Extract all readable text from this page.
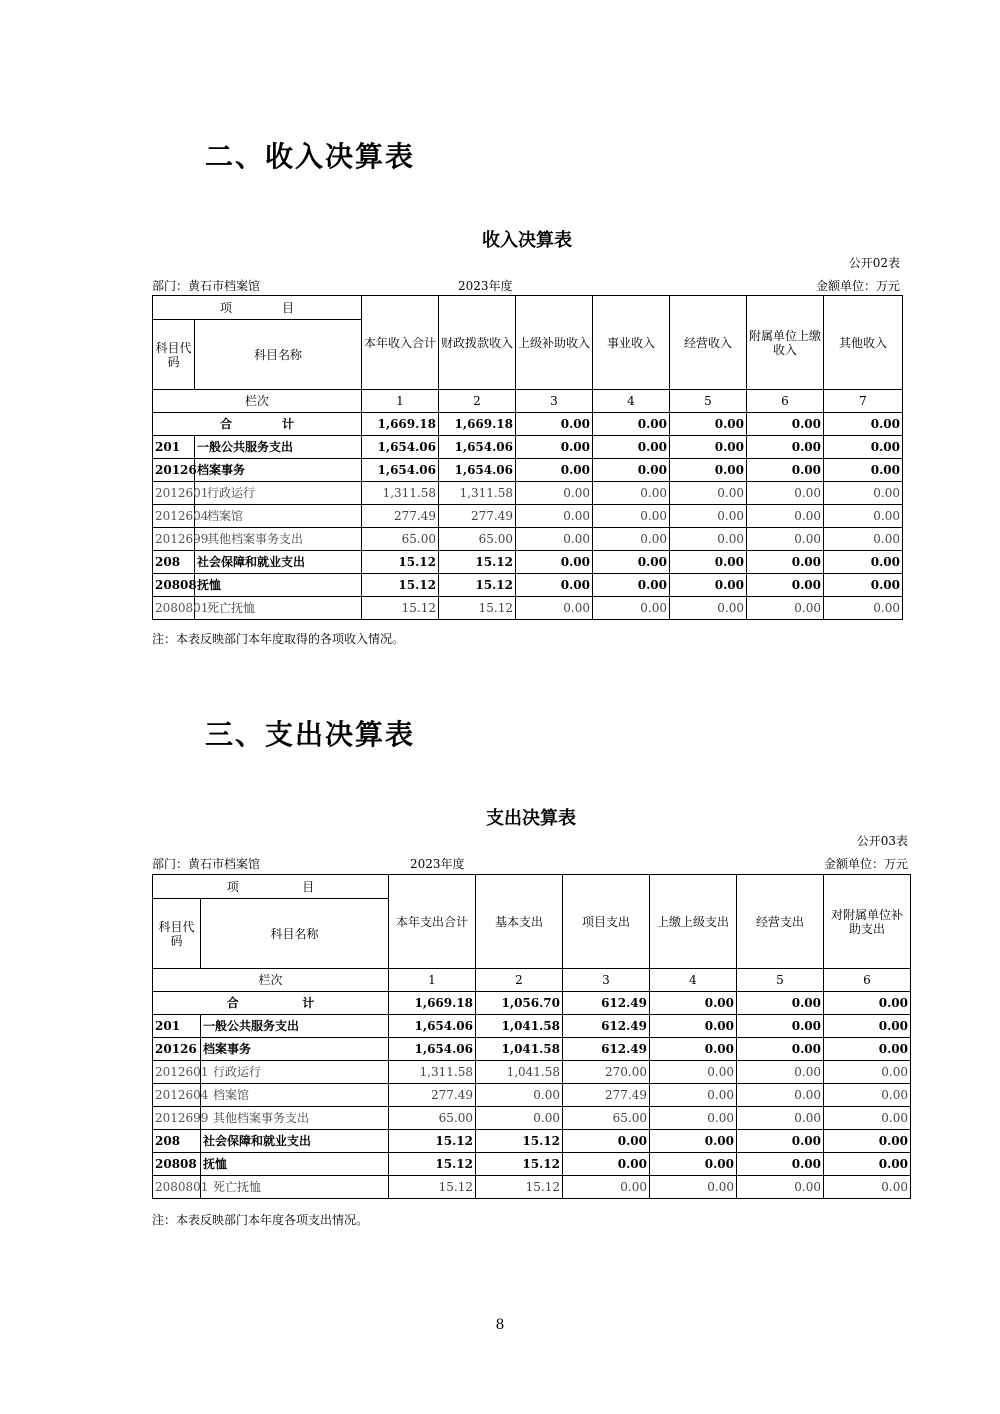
二、收入决算表
收入决算表
公开02表
部门：黄石市档案馆	2023年度	金额单位：万元
项 目		本年收入合计	财政拨款收入	上级补助收入	事业收入	经营收入	附属单位上缴收入	其他收入
科目代码	科目名称							
栏次		1	2	3	4	5	6	7

合 计		1,669.18	1,669.18	0.00	0.00	0.00	0.00	0.00
201	一般公共服务支出	1,654.06	1,654.06	0.00	0.00	0.00	0.00	0.00
20126	档案事务	1,654.06	1,654.06	0.00	0.00	0.00	0.00	0.00
2012601	行政运行	1,311.58	1,311.58	0.00	0.00	0.00	0.00	0.00
2012604	档案馆	277.49	277.49	0.00	0.00	0.00	0.00	0.00
2012699	其他档案事务支出	65.00	65.00	0.00	0.00	0.00	0.00	0.00
208	社会保障和就业支出	15.12	15.12	0.00	0.00	0.00	0.00	0.00
20808	抚恤	15.12	15.12	0.00	0.00	0.00	0.00	0.00
2080801	死亡抚恤	15.12	15.12	0.00	0.00	0.00	0.00	0.00
注：本表反映部门本年度取得的各项收入情况。
三、支出决算表
支出决算表
公开03表
部门：黄石市档案馆	2023年度	金额单位：万元
项 目		本年支出合计	基本支出	项目支出	上缴上级支出	经营支出	对附属单位补助支出
科目代码	科目名称						
栏次		1	2	3	4	5	6

合 计		1,669.18	1,056.70	612.49	0.00	0.00	0.00
201	一般公共服务支出	1,654.06	1,041.58	612.49	0.00	0.00	0.00
20126	档案事务	1,654.06	1,041.58	612.49	0.00	0.00	0.00
2012601	行政运行	1,311.58	1,041.58	270.00	0.00	0.00	0.00
2012604	档案馆	277.49	0.00	277.49	0.00	0.00	0.00
2012699	其他档案事务支出	65.00	0.00	65.00	0.00	0.00	0.00
208	社会保障和就业支出	15.12	15.12	0.00	0.00	0.00	0.00
20808	抚恤	15.12	15.12	0.00	0.00	0.00	0.00
2080801	死亡抚恤	15.12	15.12	0.00	0.00	0.00	0.00
注：本表反映部门本年度各项支出情况。
8
